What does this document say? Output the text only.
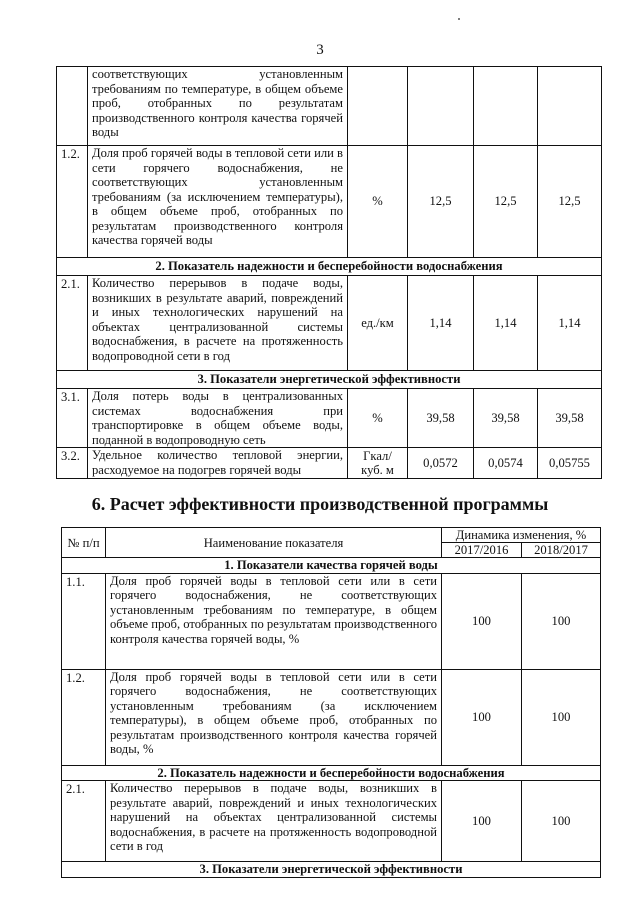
3
	соответствующих установленным требованиям по температуре, в общем объеме проб, отобранных по результатам производственного контроля качества горячей воды				
1.2.	Доля проб горячей воды в тепловой сети или в сети горячего водоснабжения, не соответствующих установленным требованиям (за исключением температуры), в общем объеме проб, отобранных по результатам производственного контроля качества горячей воды	%	12,5	12,5	12,5
2. Показатель надежности и бесперебойности водоснабжения					
2.1.	Количество перерывов в подаче воды, возникших в результате аварий, повреждений и иных технологических нарушений на объектах централизованной системы водоснабжения, в расчете на протяженность водопроводной сети в год	ед./км	1,14	1,14	1,14
3. Показатели энергетической эффективности					
3.1.	Доля потерь воды в централизованных системах водоснабжения при транспортировке в общем объеме воды, поданной в водопроводную сеть	%	39,58	39,58	39,58
3.2.	Удельное количество тепловой энергии, расходуемое на подогрев горячей воды	Гкал/ куб. м	0,0572	0,0574	0,05755
6. Расчет эффективности производственной программы
№ п/п	Наименование показателя	Динамика изменения, %	
		2017/2016	2018/2017
1. Показатели качества горячей воды			
1.1.	Доля проб горячей воды в тепловой сети или в сети горячего водоснабжения, не соответствующих установленным требованиям по температуре, в общем объеме проб, отобранных по результатам производственного контроля качества горячей воды, %	100	100
1.2.	Доля проб горячей воды в тепловой сети или в сети горячего водоснабжения, не соответствующих установленным требованиям (за исключением температуры), в общем объеме проб, отобранных по результатам производственного контроля качества горячей воды, %	100	100
2. Показатель надежности и бесперебойности водоснабжения			
2.1.	Количество перерывов в подаче воды, возникших в результате аварий, повреждений и иных технологических нарушений на объектах централизованной системы водоснабжения, в расчете на протяженность водопроводной сети в год	100	100
3. Показатели энергетической эффективности			
